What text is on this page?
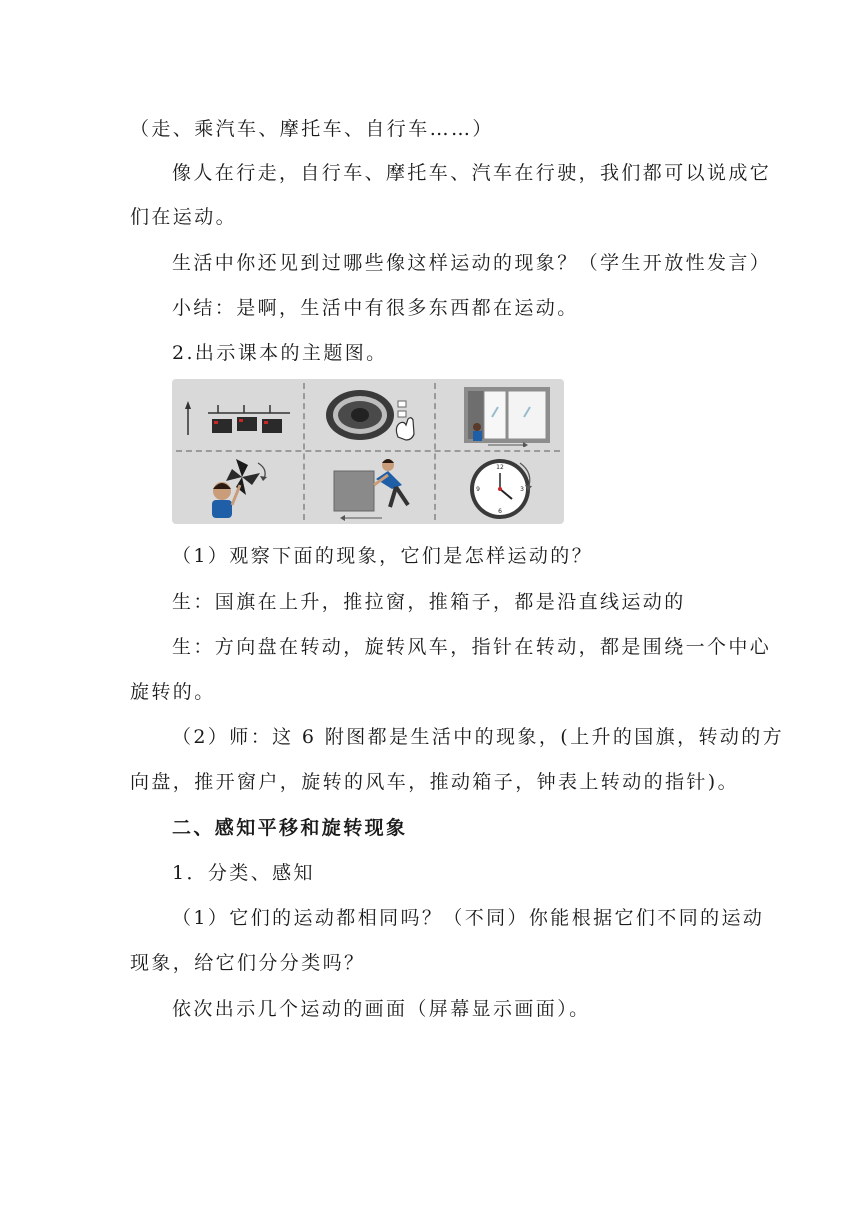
（走、乘汽车、摩托车、自行车……）
像人在行走，自行车、摩托车、汽车在行驶，我们都可以说成它
们在运动。
生活中你还见到过哪些像这样运动的现象？（学生开放性发言）
小结：是啊，生活中有很多东西都在运动。
2.出示课本的主题图。
12
3
6
9
（1）观察下面的现象，它们是怎样运动的？
生：国旗在上升，推拉窗，推箱子，都是沿直线运动的
生：方向盘在转动，旋转风车，指针在转动，都是围绕一个中心
旋转的。
（2）师：这 6 附图都是生活中的现象，(上升的国旗，转动的方
向盘，推开窗户，旋转的风车，推动箱子，钟表上转动的指针)。
二、感知平移和旋转现象
1．分类、感知
（1）它们的运动都相同吗？（不同）你能根据它们不同的运动
现象，给它们分分类吗？
依次出示几个运动的画面（屏幕显示画面）。
